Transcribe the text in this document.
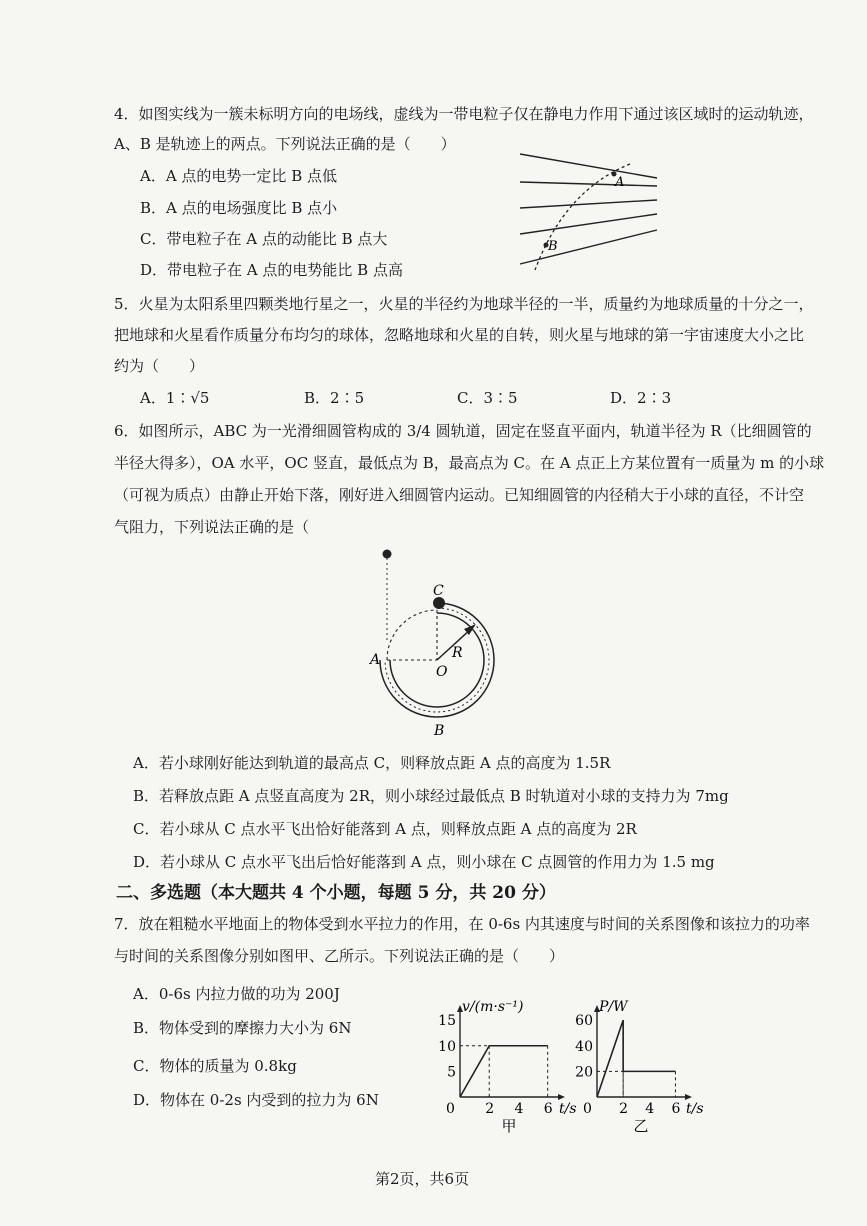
4．如图实线为一簇未标明方向的电场线，虚线为一带电粒子仅在静电力作用下通过该区域时的运动轨迹，
A、B 是轨迹上的两点。下列说法正确的是（　　）
A．A 点的电势一定比 B 点低
B．A 点的电场强度比 B 点小
C．带电粒子在 A 点的动能比 B 点大
D．带电粒子在 A 点的电势能比 B 点高
A
B
5．火星为太阳系里四颗类地行星之一，火星的半径约为地球半径的一半，质量约为地球质量的十分之一，
把地球和火星看作质量分布均匀的球体，忽略地球和火星的自转，则火星与地球的第一宇宙速度大小之比
约为（　　）
A．1∶√5	B．2∶5	C．3∶5	D．2∶3
6．如图所示，ABC 为一光滑细圆管构成的 3/4 圆轨道，固定在竖直平面内，轨道半径为 R（比细圆管的
半径大得多），OA 水平，OC 竖直，最低点为 B，最高点为 C。在 A 点正上方某位置有一质量为 m 的小球
（可视为质点）由静止开始下落，刚好进入细圆管内运动。已知细圆管的内径稍大于小球的直径，不计空
气阻力，下列说法正确的是（
A
C
O
R
B
A．若小球刚好能达到轨道的最高点 C，则释放点距 A 点的高度为 1.5R
B．若释放点距 A 点竖直高度为 2R，则小球经过最低点 B 时轨道对小球的支持力为 7mg
C．若小球从 C 点水平飞出恰好能落到 A 点，则释放点距 A 点的高度为 2R
D．若小球从 C 点水平飞出后恰好能落到 A 点，则小球在 C 点圆管的作用力为 1.5 mg
二、多选题（本大题共 4 个小题，每题 5 分，共 20 分）
7．放在粗糙水平地面上的物体受到水平拉力的作用，在 0-6s 内其速度与时间的关系图像和该拉力的功率
与时间的关系图像分别如图甲、乙所示。下列说法正确的是（　　）
A．0-6s 内拉力做的功为 200J
B．物体受到的摩擦力大小为 6N
C．物体的质量为 0.8kg
D．物体在 0-2s 内受到的拉力为 6N	0 2 4 6
5
10
15
v/(m·s⁻¹)
t/s
甲
0 2 4 6
20
40
60
P/W
t/s
乙
第2页，共6页
